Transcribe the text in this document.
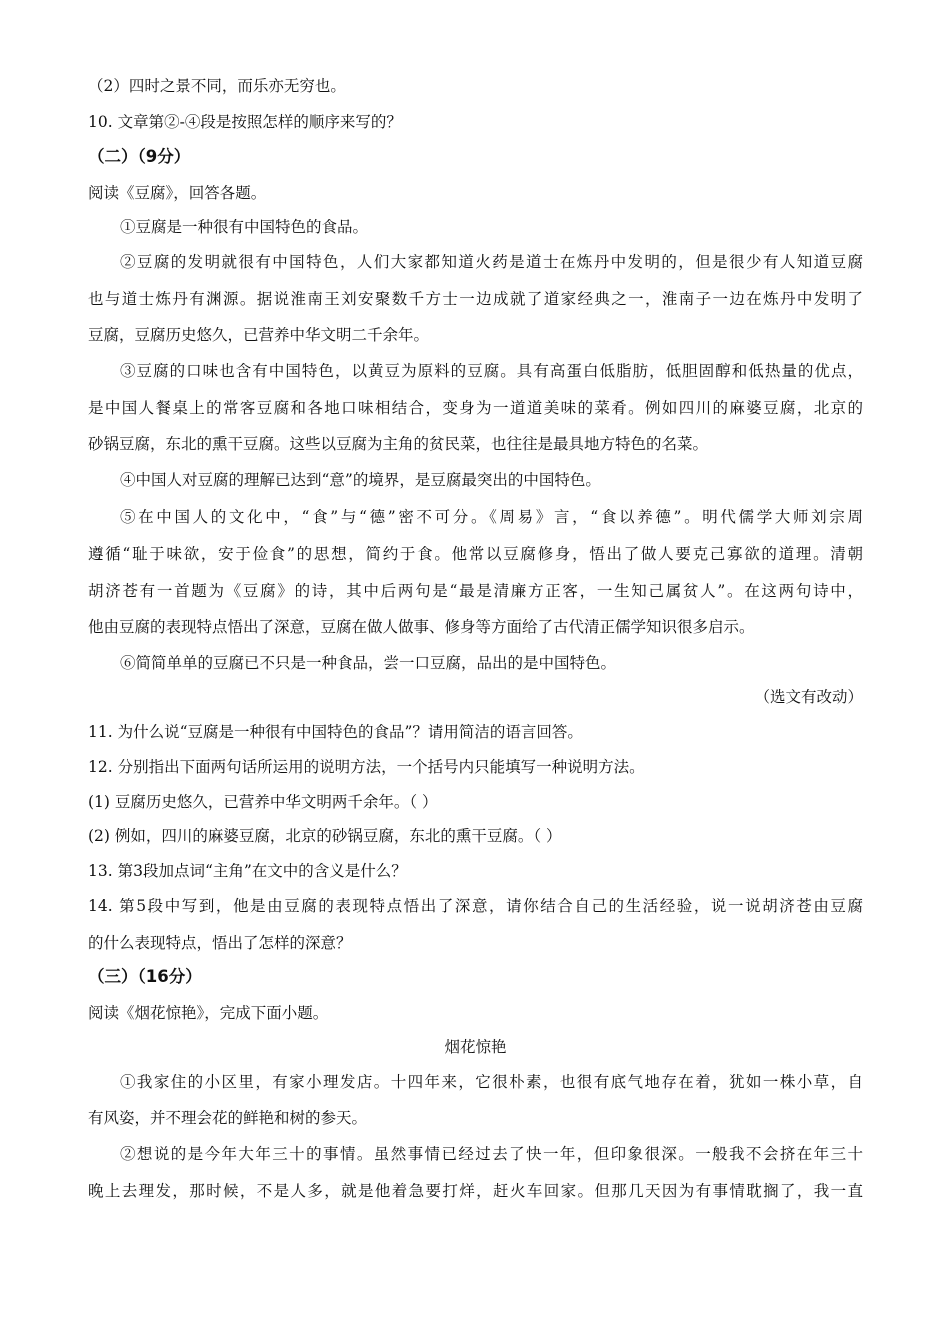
（2）四时之景不同，而乐亦无穷也。
10. 文章第②-④段是按照怎样的顺序来写的？
（二）（9分）
阅读《豆腐》，回答各题。
①豆腐是一种很有中国特色的食品。
②豆腐的发明就很有中国特色，人们大家都知道火药是道士在炼丹中发明的，但是很少有人知道豆腐
也与道士炼丹有渊源。据说淮南王刘安聚数千方士一边成就了道家经典之一，淮南子一边在炼丹中发明了
豆腐，豆腐历史悠久，已营养中华文明二千余年。
③豆腐的口味也含有中国特色，以黄豆为原料的豆腐。具有高蛋白低脂肪，低胆固醇和低热量的优点，
是中国人餐桌上的常客豆腐和各地口味相结合，变身为一道道美味的菜肴。例如四川的麻婆豆腐，北京的
砂锅豆腐，东北的熏干豆腐。这些以豆腐为主角的贫民菜，也往往是最具地方特色的名菜。
④中国人对豆腐的理解已达到“意”的境界，是豆腐最突出的中国特色。
⑤在中国人的文化中，“食”与“德”密不可分。《周易》言，“食以养德”。明代儒学大师刘宗周
遵循“耻于味欲，安于俭食”的思想，简约于食。他常以豆腐修身，悟出了做人要克己寡欲的道理。清朝
胡济苍有一首题为《豆腐》的诗，其中后两句是“最是清廉方正客，一生知己属贫人”。在这两句诗中，
他由豆腐的表现特点悟出了深意，豆腐在做人做事、修身等方面给了古代清正儒学知识很多启示。
⑥简简单单的豆腐已不只是一种食品，尝一口豆腐，品出的是中国特色。
（选文有改动）
11. 为什么说“豆腐是一种很有中国特色的食品”？请用简洁的语言回答。
12. 分别指出下面两句话所运用的说明方法，一个括号内只能填写一种说明方法。
(1) 豆腐历史悠久，已营养中华文明两千余年。（ ）
(2) 例如，四川的麻婆豆腐，北京的砂锅豆腐，东北的熏干豆腐。（ ）
13. 第3段加点词“主角”在文中的含义是什么？
14. 第5段中写到，他是由豆腐的表现特点悟出了深意，请你结合自己的生活经验，说一说胡济苍由豆腐
的什么表现特点，悟出了怎样的深意？
（三）（16分）
阅读《烟花惊艳》，完成下面小题。
烟花惊艳
①我家住的小区里，有家小理发店。十四年来，它很朴素，也很有底气地存在着，犹如一株小草，自
有风姿，并不理会花的鲜艳和树的参天。
②想说的是今年大年三十的事情。虽然事情已经过去了快一年，但印象很深。一般我不会挤在年三十
晚上去理发，那时候，不是人多，就是他着急要打烊，赶火车回家。但那几天因为有事情耽搁了，我一直
